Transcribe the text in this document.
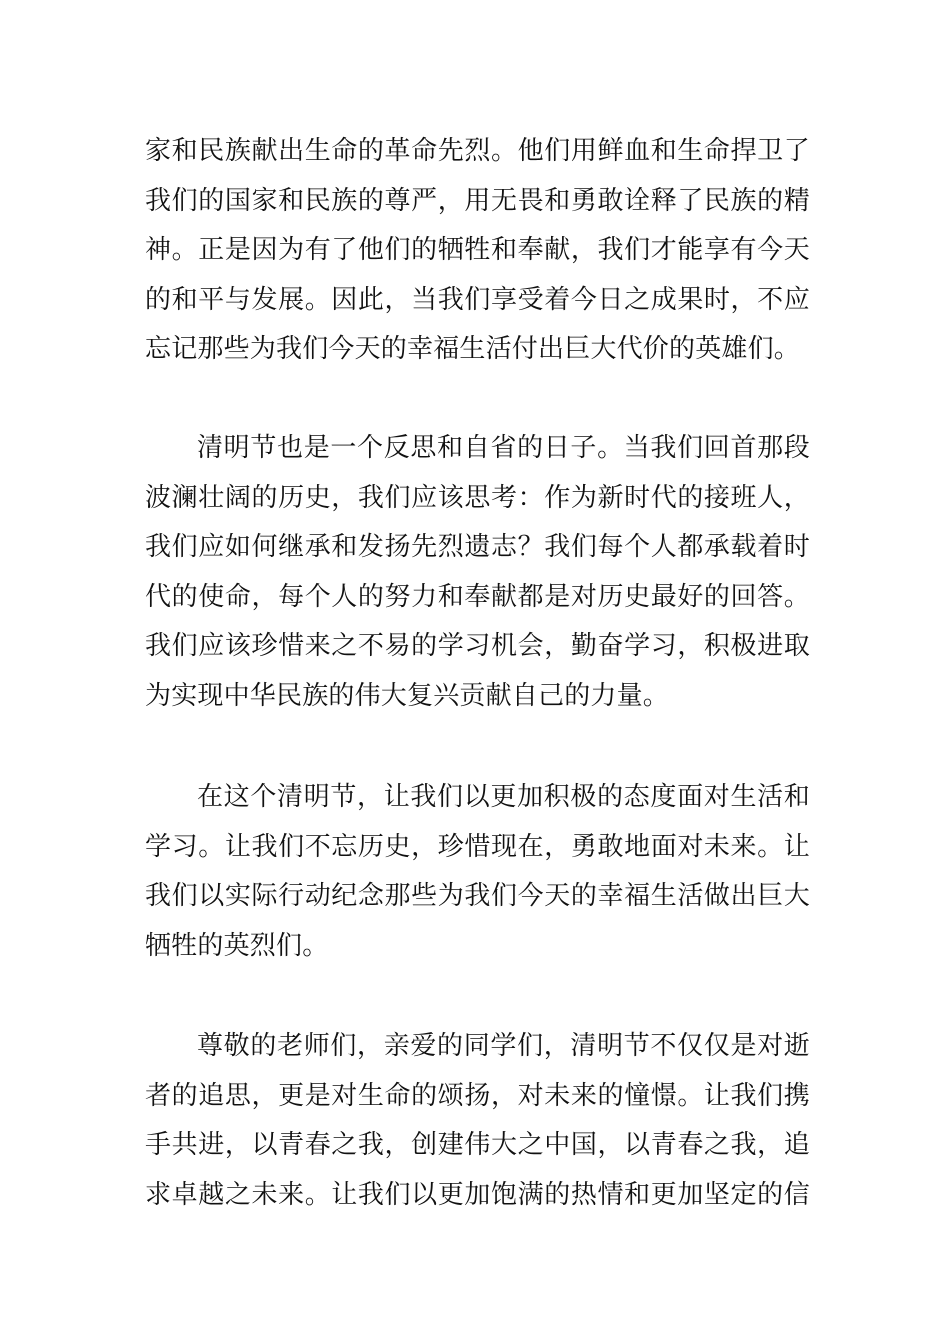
家和民族献出生命的革命先烈。他们用鲜血和生命捍卫了
我们的国家和民族的尊严，用无畏和勇敢诠释了民族的精
神。正是因为有了他们的牺牲和奉献，我们才能享有今天
的和平与发展。因此，当我们享受着今日之成果时，不应
忘记那些为我们今天的幸福生活付出巨大代价的英雄们。
清明节也是一个反思和自省的日子。当我们回首那段
波澜壮阔的历史，我们应该思考：作为新时代的接班人，
我们应如何继承和发扬先烈遗志？我们每个人都承载着时
代的使命，每个人的努力和奉献都是对历史最好的回答。
我们应该珍惜来之不易的学习机会，勤奋学习，积极进取
为实现中华民族的伟大复兴贡献自己的力量。
在这个清明节，让我们以更加积极的态度面对生活和
学习。让我们不忘历史，珍惜现在，勇敢地面对未来。让
我们以实际行动纪念那些为我们今天的幸福生活做出巨大
牺牲的英烈们。
尊敬的老师们，亲爱的同学们，清明节不仅仅是对逝
者的追思，更是对生命的颂扬，对未来的憧憬。让我们携
手共进，以青春之我，创建伟大之中国，以青春之我，追
求卓越之未来。让我们以更加饱满的热情和更加坚定的信
